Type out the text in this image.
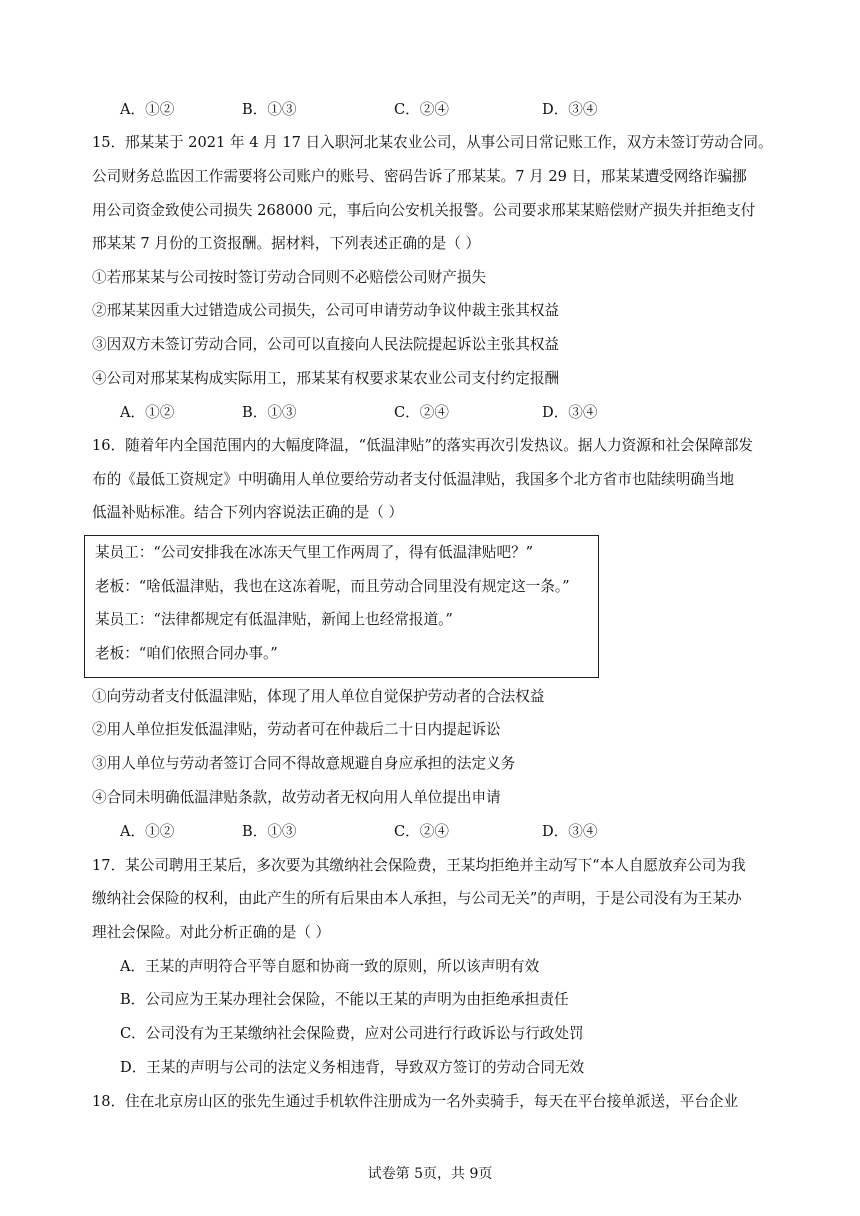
A．①②	B．①③	C．②④	D．③④
15．邢某某于 2021 年 4 月 17 日入职河北某农业公司，从事公司日常记账工作，双方未签订劳动合同。
公司财务总监因工作需要将公司账户的账号、密码告诉了邢某某。7 月 29 日，邢某某遭受网络诈骗挪
用公司资金致使公司损失 268000 元，事后向公安机关报警。公司要求邢某某赔偿财产损失并拒绝支付
邢某某 7 月份的工资报酬。据材料，下列表述正确的是（ ）
①若邢某某与公司按时签订劳动合同则不必赔偿公司财产损失
②邢某某因重大过错造成公司损失，公司可申请劳动争议仲裁主张其权益
③因双方未签订劳动合同，公司可以直接向人民法院提起诉讼主张其权益
④公司对邢某某构成实际用工，邢某某有权要求某农业公司支付约定报酬
A．①②	B．①③	C．②④	D．③④
16．随着年内全国范围内的大幅度降温，“低温津贴”的落实再次引发热议。据人力资源和社会保障部发
布的《最低工资规定》中明确用人单位要给劳动者支付低温津贴，我国多个北方省市也陆续明确当地
低温补贴标准。结合下列内容说法正确的是（ ）
某员工：“公司安排我在冰冻天气里工作两周了，得有低温津贴吧？”
老板：“啥低温津贴，我也在这冻着呢，而且劳动合同里没有规定这一条。”
某员工：“法律都规定有低温津贴，新闻上也经常报道。”
老板：“咱们依照合同办事。”
①向劳动者支付低温津贴，体现了用人单位自觉保护劳动者的合法权益
②用人单位拒发低温津贴，劳动者可在仲裁后二十日内提起诉讼
③用人单位与劳动者签订合同不得故意规避自身应承担的法定义务
④合同未明确低温津贴条款，故劳动者无权向用人单位提出申请
A．①②	B．①③	C．②④	D．③④
17．某公司聘用王某后，多次要为其缴纳社会保险费，王某均拒绝并主动写下“本人自愿放弃公司为我
缴纳社会保险的权利，由此产生的所有后果由本人承担，与公司无关”的声明，于是公司没有为王某办
理社会保险。对此分析正确的是（ ）
A．王某的声明符合平等自愿和协商一致的原则，所以该声明有效
B．公司应为王某办理社会保险，不能以王某的声明为由拒绝承担责任
C．公司没有为王某缴纳社会保险费，应对公司进行行政诉讼与行政处罚
D．王某的声明与公司的法定义务相违背，导致双方签订的劳动合同无效
18．住在北京房山区的张先生通过手机软件注册成为一名外卖骑手，每天在平台接单派送，平台企业
试卷第 5页，共 9页
